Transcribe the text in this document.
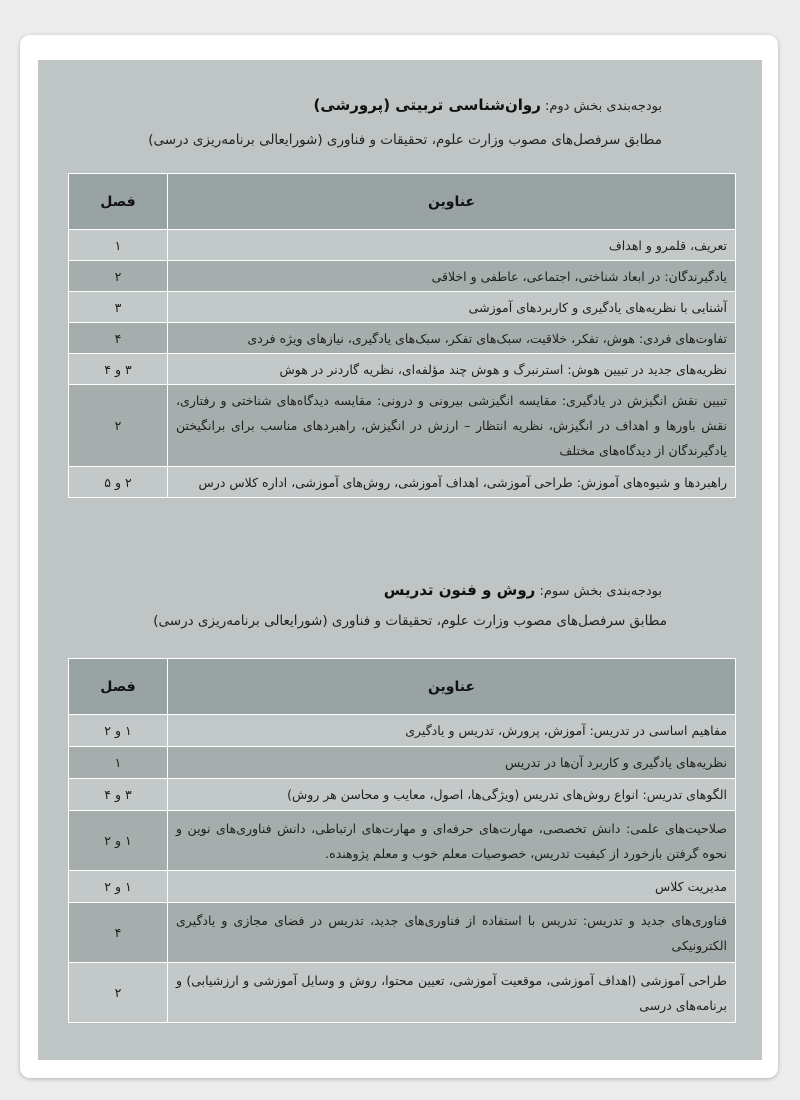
بودجه‌بندی بخش دوم: روان‌شناسی تربیتی (پرورشی)
مطابق سرفصل‌های مصوب وزارت علوم، تحقیقات و فناوری (شورایعالی برنامه‌ریزی درسی)
عناوین	فصل
تعریف، قلمرو و اهداف	۱
یادگیرندگان: در ابعاد شناختی، اجتماعی، عاطفی و اخلاقی	۲
آشنایی با نظریه‌های یادگیری و کاربردهای آموزشی	۳
تفاوت‌های فردی: هوش، تفکر، خلاقیت، سبک‌های تفکر، سبک‌های یادگیری، نیازهای ویژه فردی	۴
نظریه‌های جدید در تبیین هوش: استرنبرگ و هوش چند مؤلفه‌ای، نظریه گاردنر در هوش	۳ و ۴
تبیین نقش انگیزش در یادگیری: مقایسه انگیزشی بیرونی و درونی: مقایسه دیدگاه‌های شناختی و رفتاری، نقش باورها و اهداف در انگیزش، نظریه انتظار – ارزش در انگیزش، راهبردهای مناسب برای برانگیختن یادگیرندگان از دیدگاه‌های مختلف	۲
راهبردها و شیوه‌های آموزش: طراحی آموزشی، اهداف آموزشی، روش‌های آموزشی، اداره کلاس درس	۲ و ۵
بودجه‌بندی بخش سوم: روش و فنون تدریس
مطابق سرفصل‌های مصوب وزارت علوم، تحقیقات و فناوری (شورایعالی برنامه‌ریزی درسی)
عناوین	فصل
مفاهیم اساسی در تدریس: آموزش، پرورش، تدریس و یادگیری	۱ و ۲
نظریه‌های یادگیری و کاربرد آن‌ها در تدریس	۱
الگوهای تدریس: انواع روش‌های تدریس (ویژگی‌ها، اصول، معایب و محاسن هر روش)	۳ و ۴
صلاحیت‌های علمی: دانش تخصصی، مهارت‌های حرفه‌ای و مهارت‌های ارتباطی، دانش فناوری‌های نوین و نحوه گرفتن بازخورد از کیفیت تدریس، خصوصیات معلم خوب و معلم پژوهنده.	۱ و ۲
مدیریت کلاس	۱ و ۲
فناوری‌های جدید و تدریس: تدریس با استفاده از فناوری‌های جدید، تدریس در فضای مجازی و یادگیری الکترونیکی	۴
طراحی آموزشی (اهداف آموزشی، موقعیت آموزشی، تعیین محتوا، روش و وسایل آموزشی و ارزشیابی) و برنامه‌های درسی	۲
